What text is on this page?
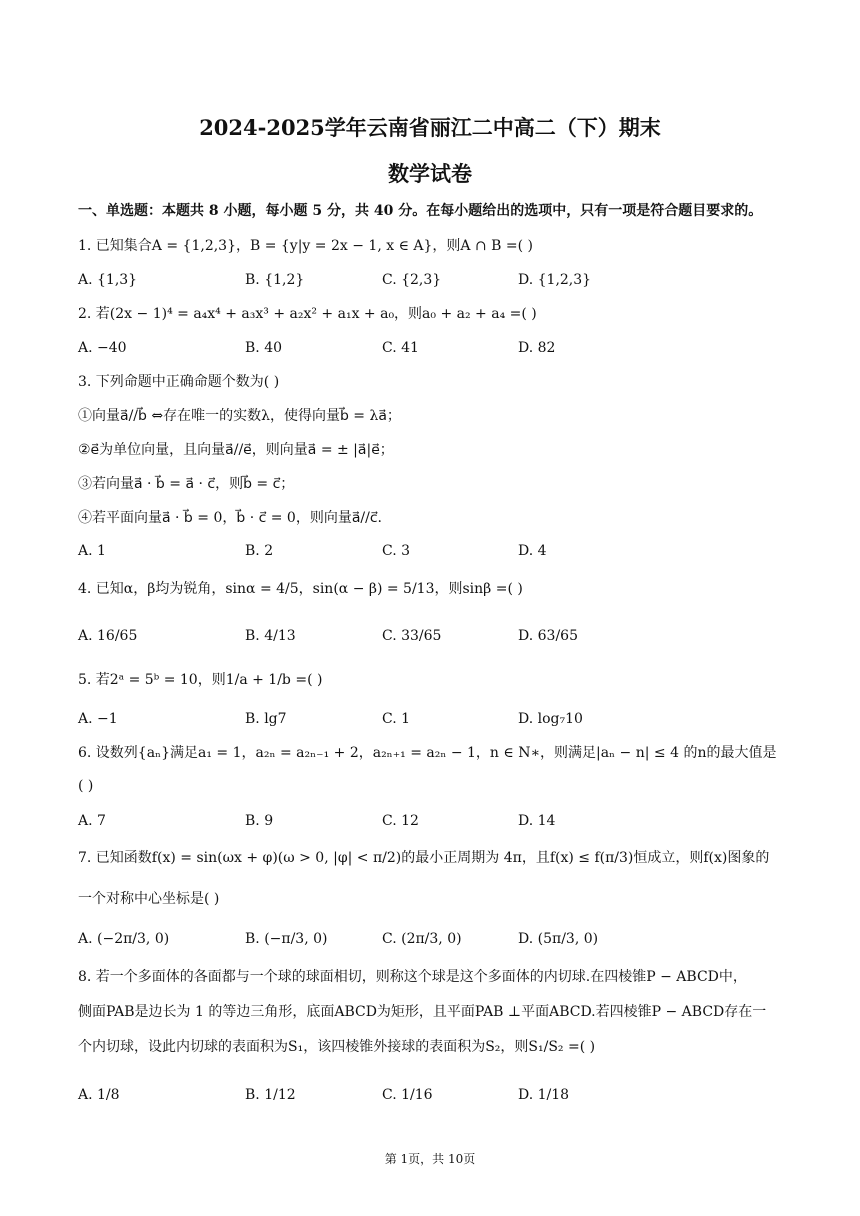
2024-2025学年云南省丽江二中高二（下）期末
数学试卷
一、单选题：本题共 8 小题，每小题 5 分，共 40 分。在每小题给出的选项中，只有一项是符合题目要求的。
1. 已知集合A = {1,2,3}，B = {y|y = 2x − 1, x ∈ A}，则A ∩ B =( )
A. {1,3}	B. {1,2}	C. {2,3}	D. {1,2,3}
2. 若(2x − 1)⁴ = a₄x⁴ + a₃x³ + a₂x² + a₁x + a₀，则a₀ + a₂ + a₄ =( )
A. −40	B. 40	C. 41	D. 82
3. 下列命题中正确命题个数为( )
①向量a⃗//b⃗ ⇔存在唯一的实数λ，使得向量b⃗ = λa⃗；
②e⃗为单位向量，且向量a⃗//e⃗，则向量a⃗ = ± |a⃗|e⃗；
③若向量a⃗ · b⃗ = a⃗ · c⃗，则b⃗ = c⃗；
④若平面向量a⃗ · b⃗ = 0，b⃗ · c⃗ = 0，则向量a⃗//c⃗.
A. 1	B. 2	C. 3	D. 4
4. 已知α，β均为锐角，sinα = 4/5，sin(α − β) = 5/13，则sinβ =( )
A. 16/65	B. 4/13	C. 33/65	D. 63/65
5. 若2ᵃ = 5ᵇ = 10，则1/a + 1/b =( )
A. −1	B. lg7	C. 1	D. log₇10
6. 设数列{aₙ}满足a₁ = 1，a₂ₙ = a₂ₙ₋₁ + 2，a₂ₙ₊₁ = a₂ₙ − 1，n ∈ N∗，则满足|aₙ − n| ≤ 4 的n的最大值是
( )
A. 7	B. 9	C. 12	D. 14
7. 已知函数f(x) = sin(ωx + φ)(ω > 0, |φ| < π/2)的最小正周期为 4π，且f(x) ≤ f(π/3)恒成立，则f(x)图象的
一个对称中心坐标是( )
A. (−2π/3, 0)	B. (−π/3, 0)	C. (2π/3, 0)	D. (5π/3, 0)
8. 若一个多面体的各面都与一个球的球面相切，则称这个球是这个多面体的内切球.在四棱锥P − ABCD中，
侧面PAB是边长为 1 的等边三角形，底面ABCD为矩形，且平面PAB ⊥平面ABCD.若四棱锥P − ABCD存在一
个内切球，设此内切球的表面积为S₁，该四棱锥外接球的表面积为S₂，则S₁/S₂ =( )
A. 1/8	B. 1/12	C. 1/16	D. 1/18
第 1页，共 10页
